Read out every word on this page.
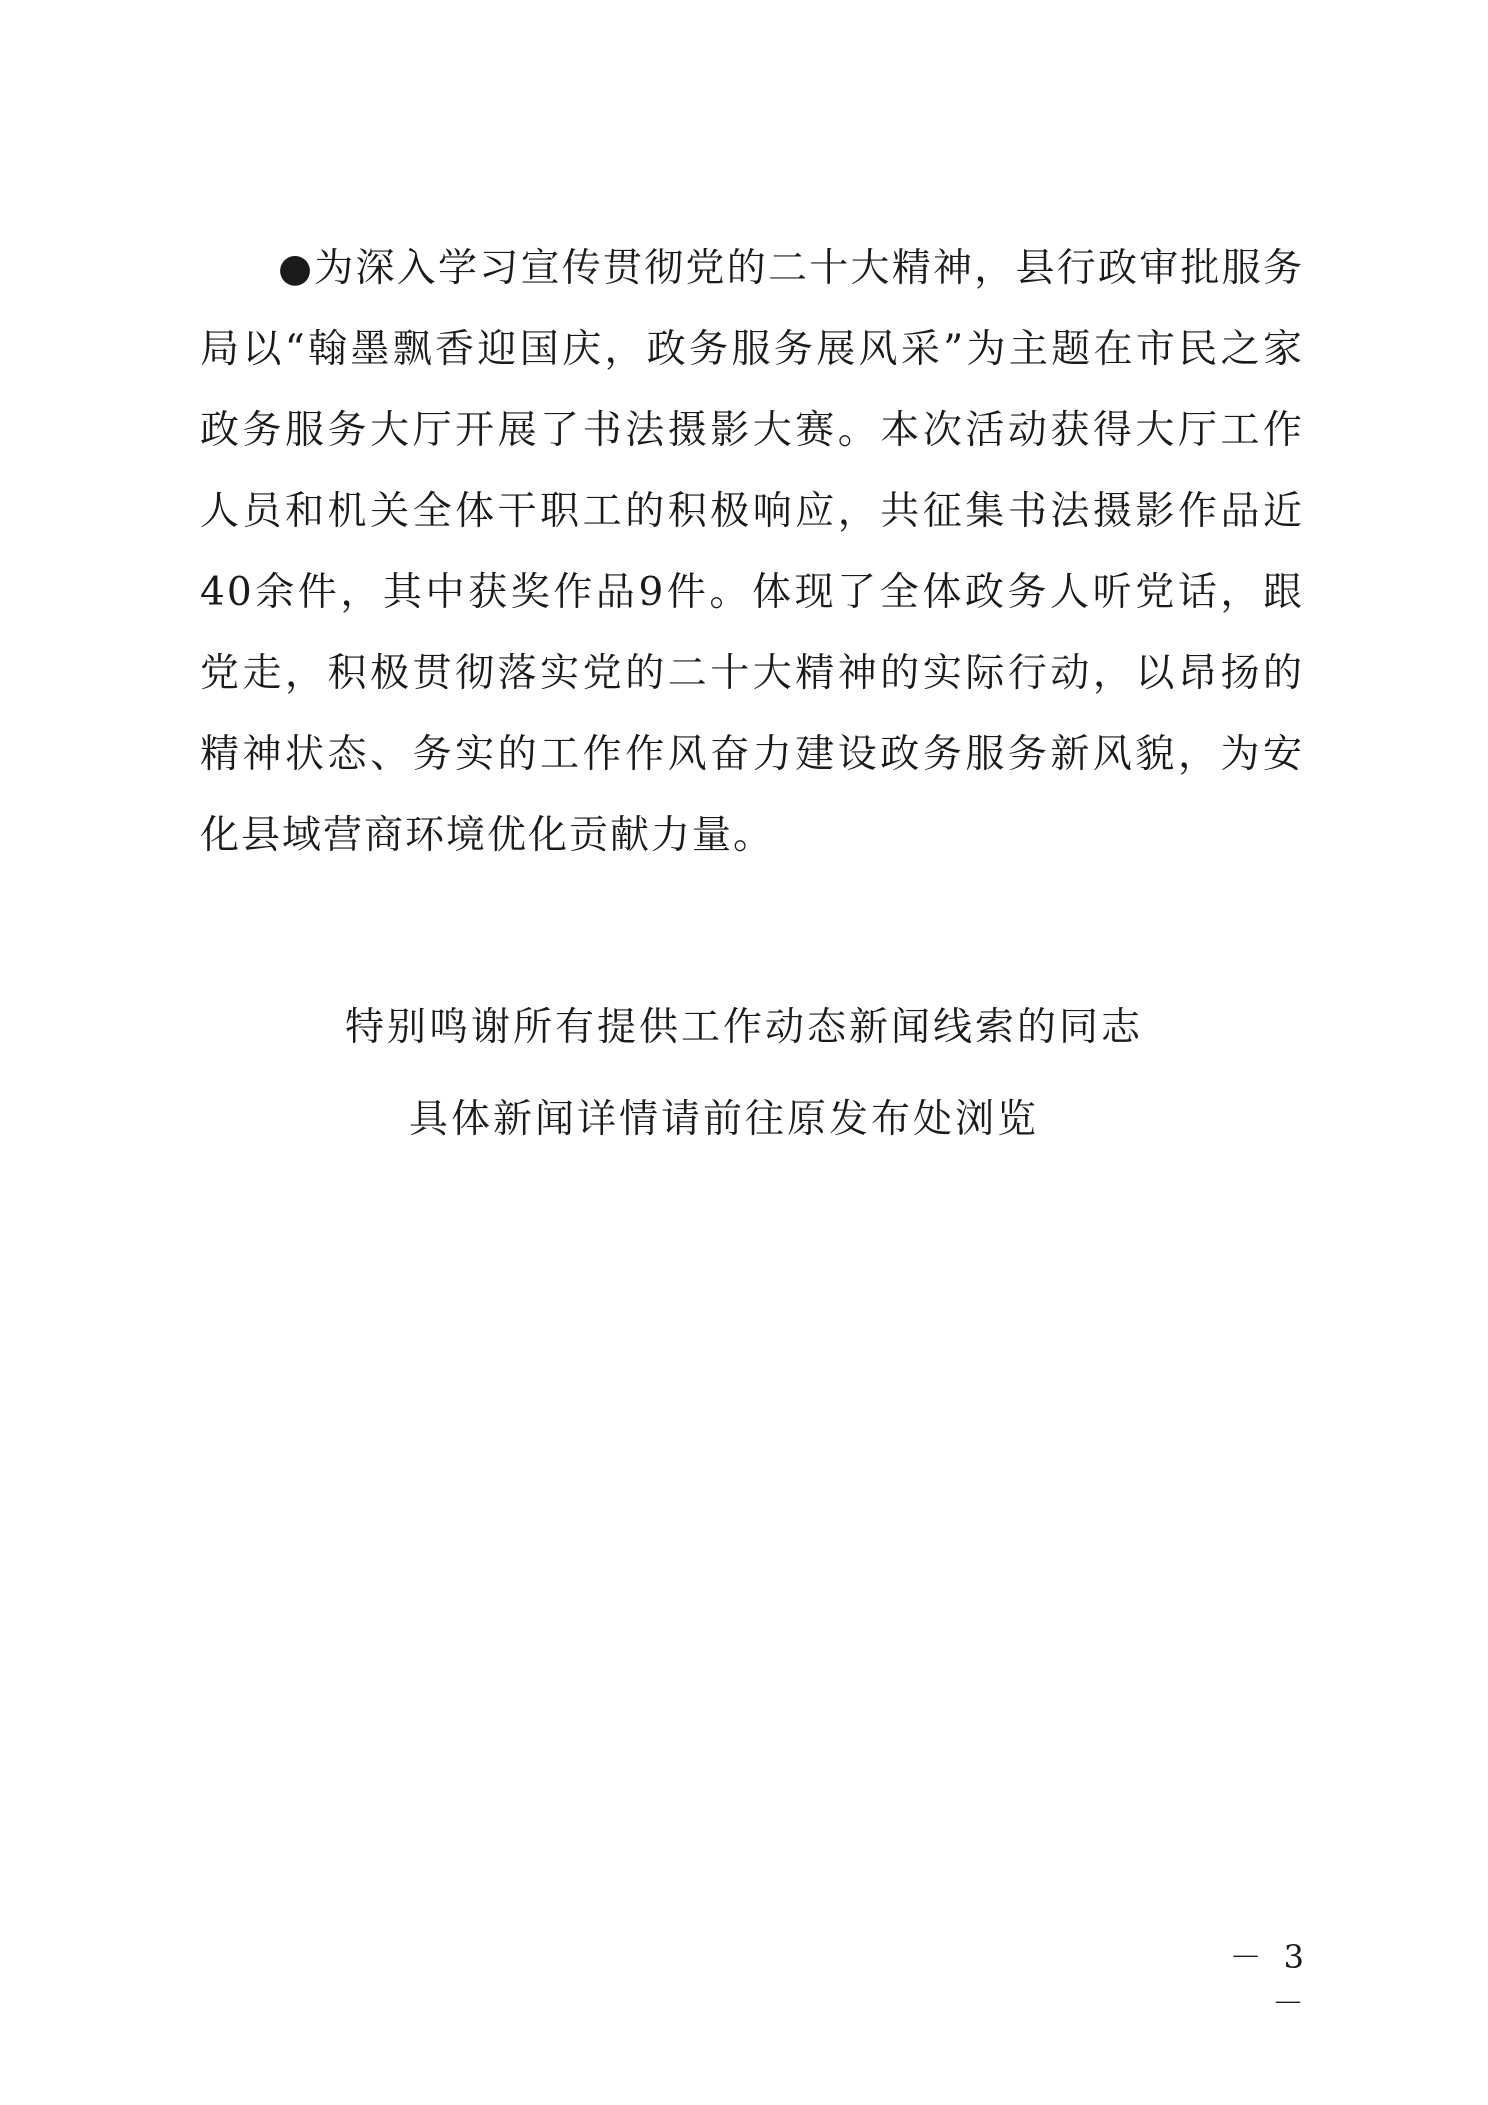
●为深入学习宣传贯彻党的二十大精神，县行政审批服务局以“翰墨飘香迎国庆，政务服务展风采”为主题在市民之家政务服务大厅开展了书法摄影大赛。本次活动获得大厅工作人员和机关全体干职工的积极响应，共征集书法摄影作品近40余件，其中获奖作品9件。体现了全体政务人听党话，跟党走，积极贯彻落实党的二十大精神的实际行动，以昂扬的精神状态、务实的工作作风奋力建设政务服务新风貌，为安化县域营商环境优化贡献力量。

特别鸣谢所有提供工作动态新闻线索的同志
具体新闻详情请前往原发布处浏览
－ 3 －
